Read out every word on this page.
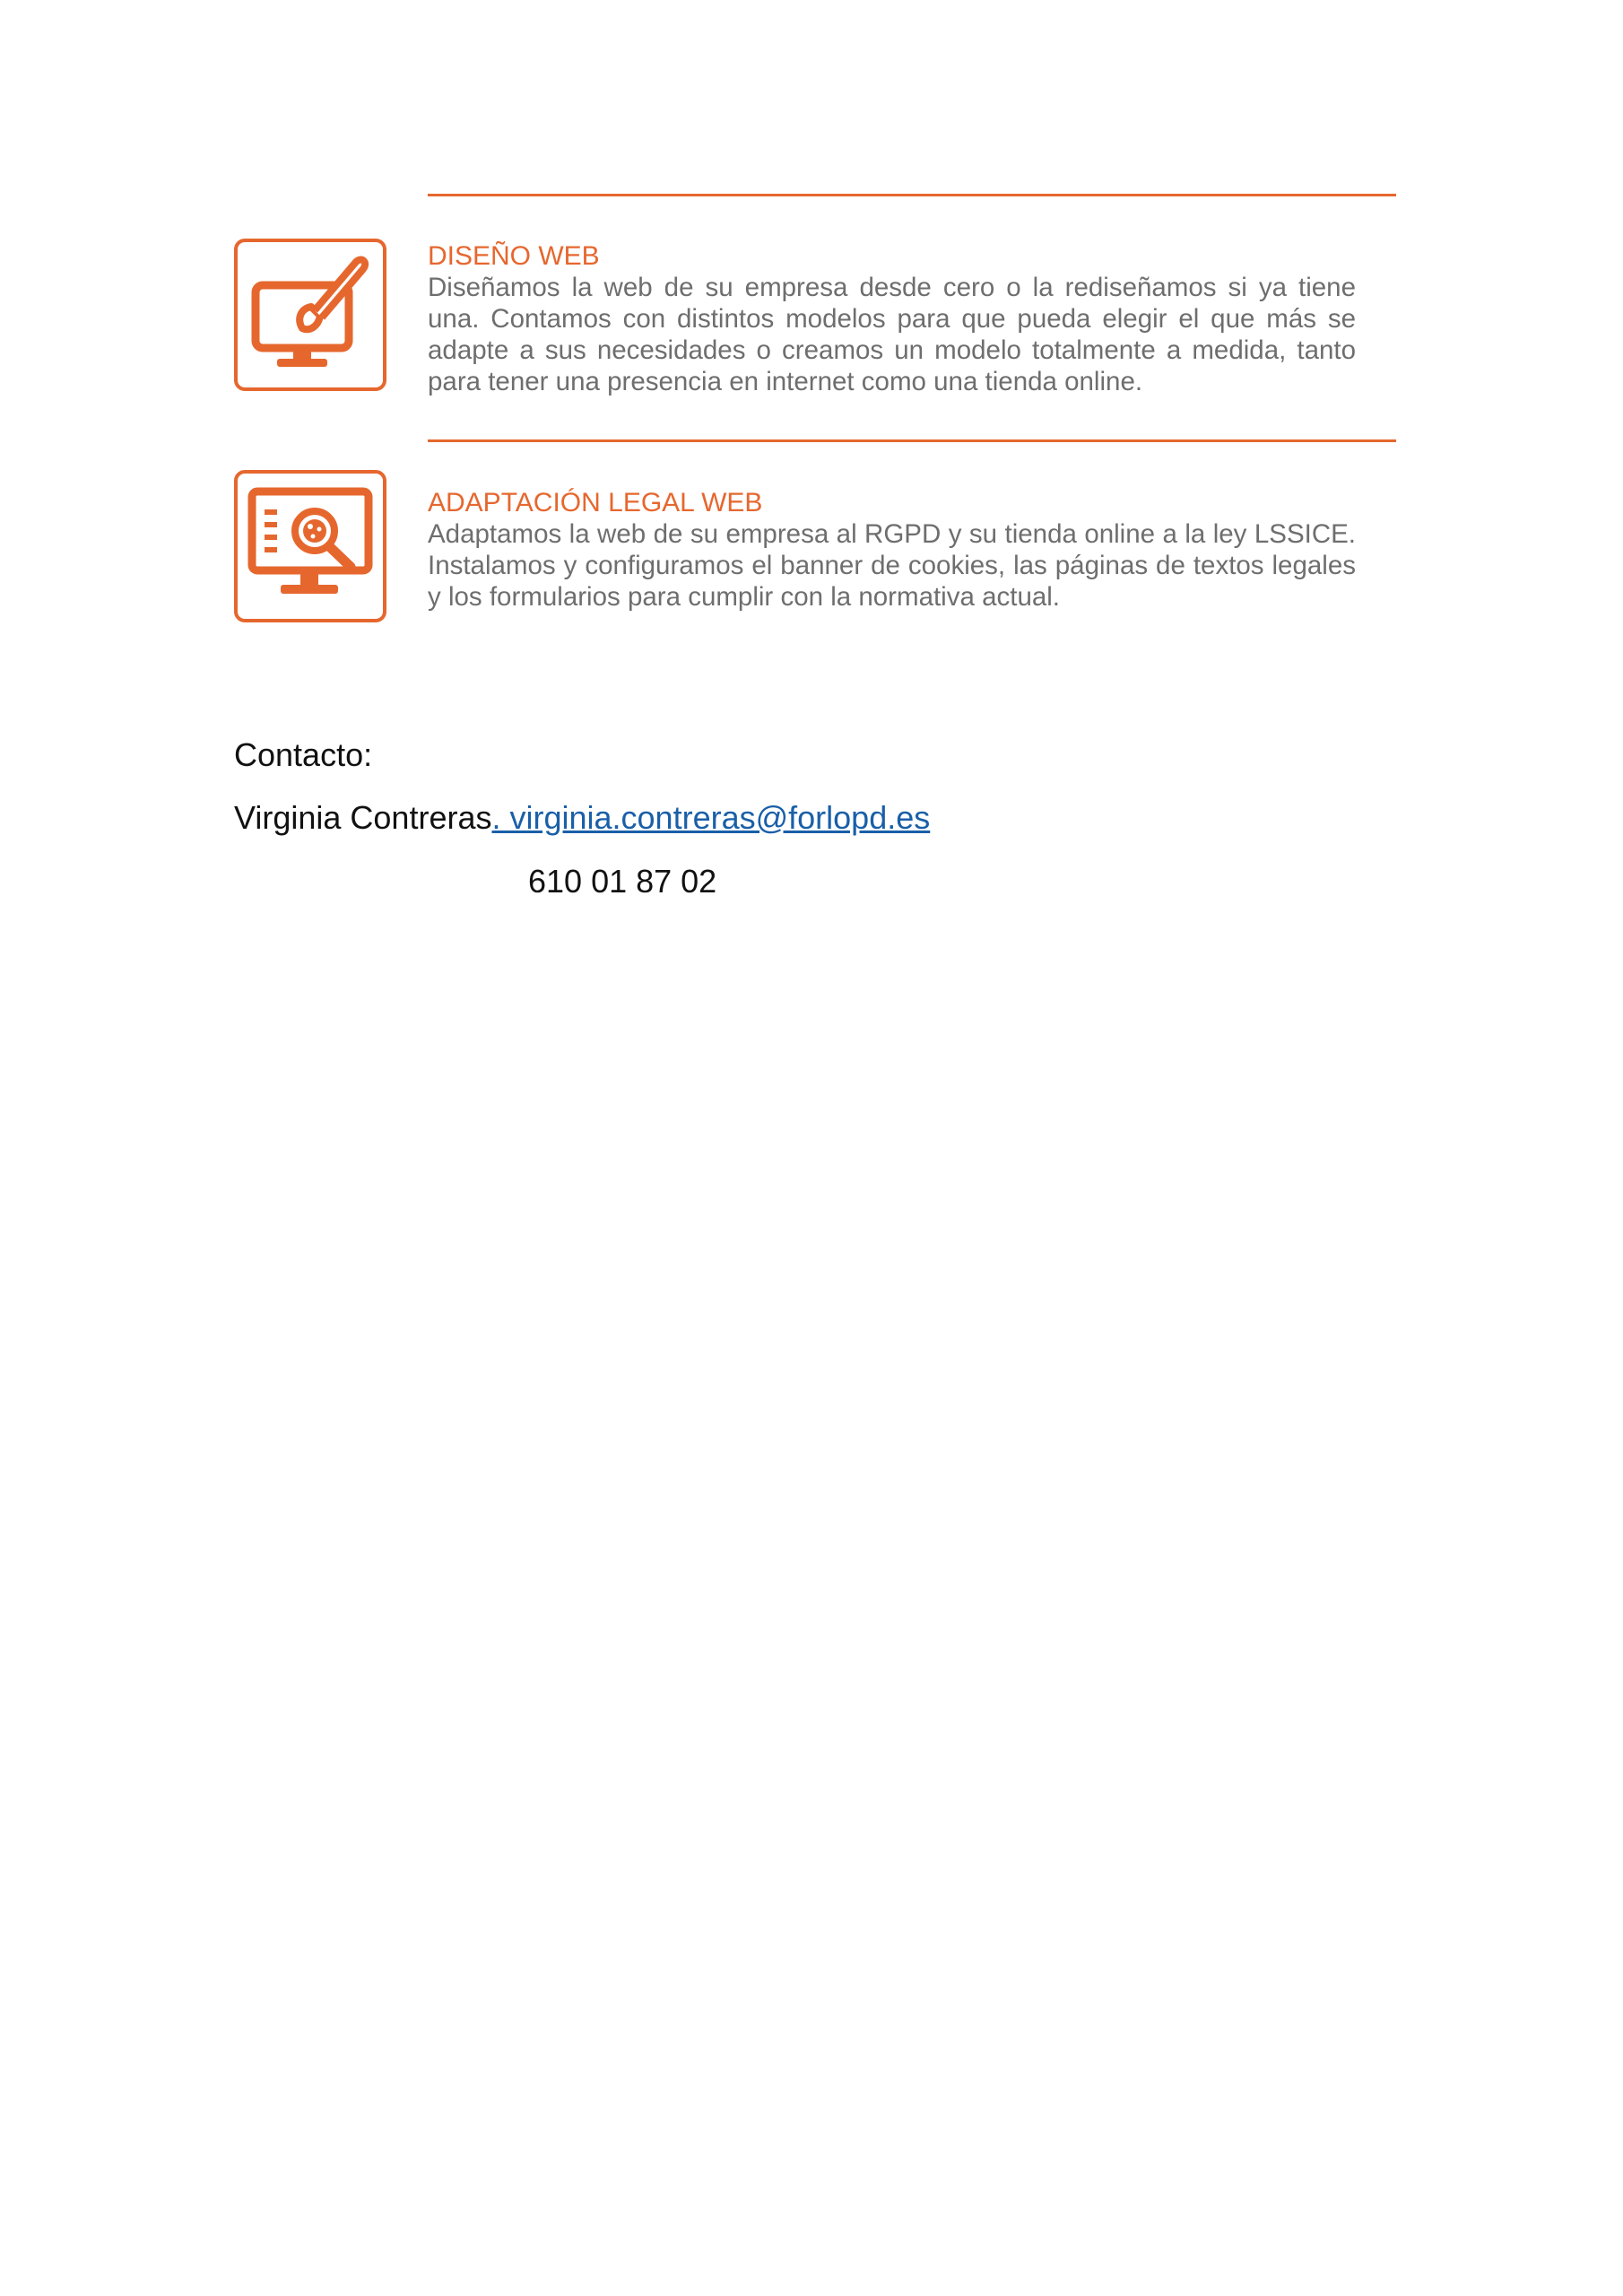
DISEÑO WEB

Diseñamos la web de su empresa desde cero o la rediseñamos si ya tiene una. Contamos con distintos modelos para que pueda elegir el que más se adapte a sus necesidades o creamos un modelo totalmente a medida, tanto para tener una presencia en internet como una tienda online.

ADAPTACIÓN LEGAL WEB

Adaptamos la web de su empresa al RGPD y su tienda online a la ley LSSICE. Instalamos y configuramos el banner de cookies, las páginas de textos legales y los formularios para cumplir con la normativa actual.

Contacto:
Virginia Contreras. virginia.contreras@forlopd.es
610 01 87 02
